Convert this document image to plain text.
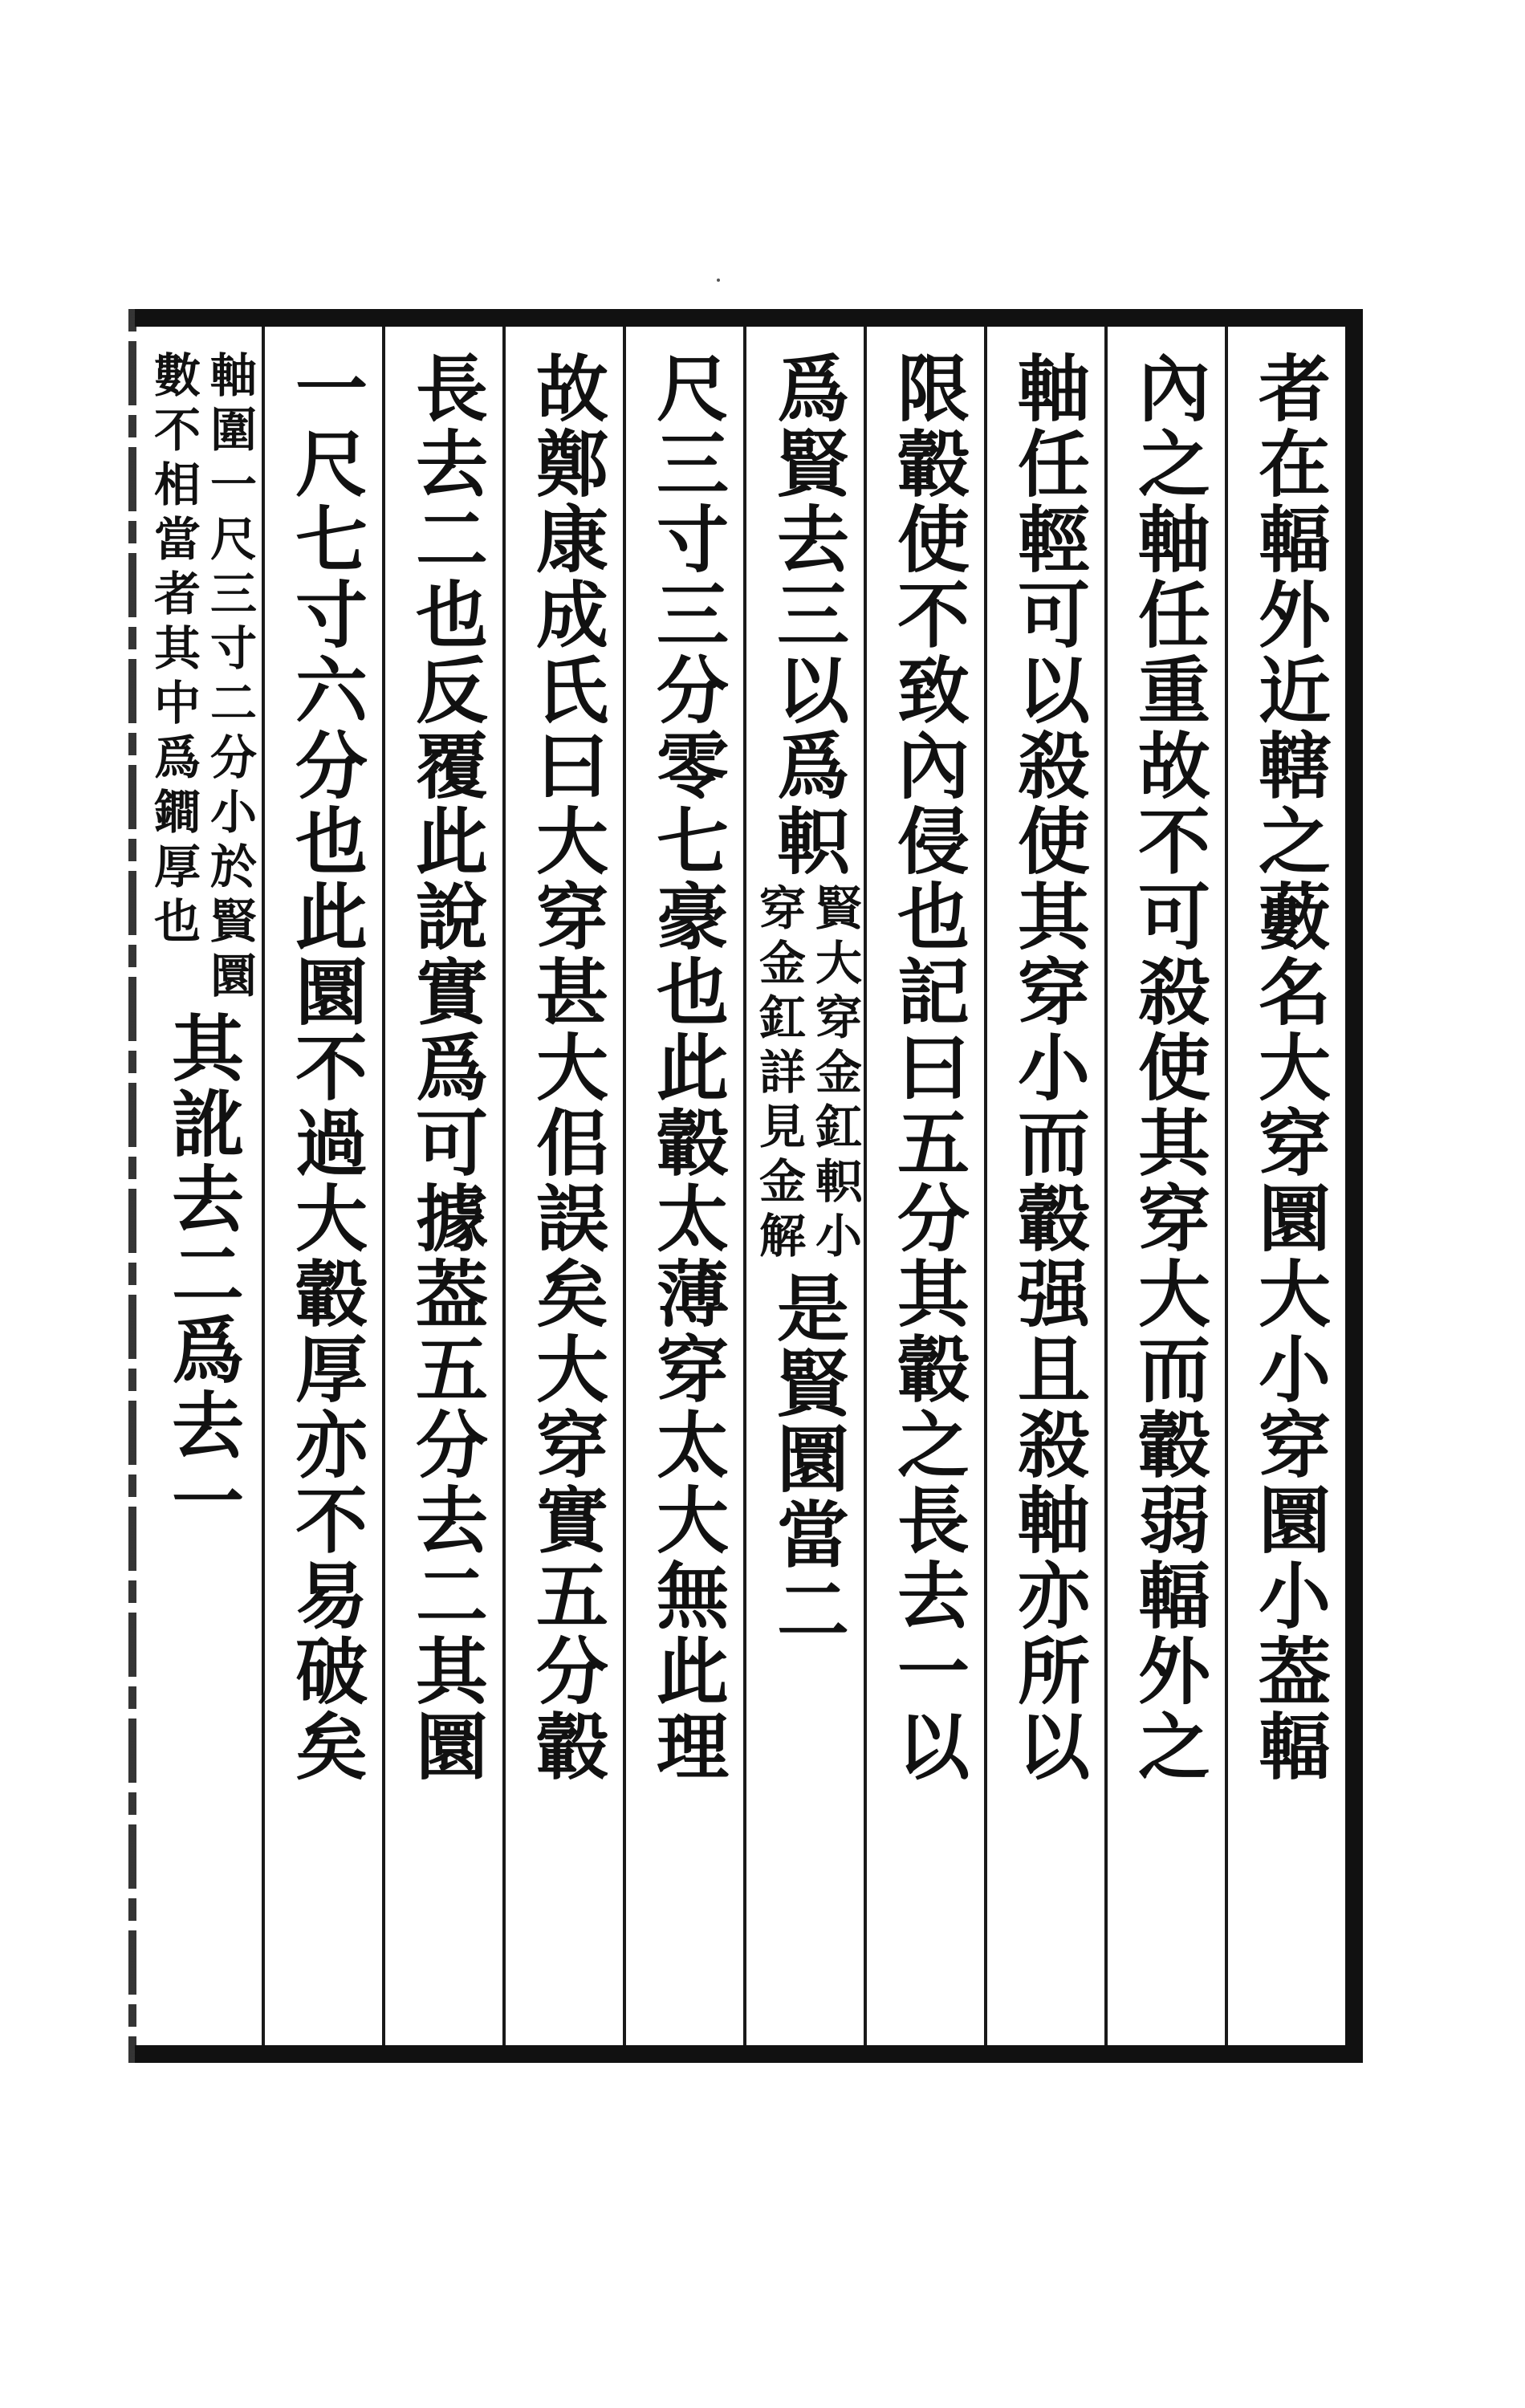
者在輻外近轄之藪名大穿圜大小穿圜小葢輻
內之軸任重故不可殺使其穿大而轂弱輻外之
軸任輕可以殺使其穿小而轂强且殺軸亦所以
限轂使不致內侵也記曰五分其轂之長去一以
爲賢去三以爲軹
賢大穿金釭軹小
穿金釭詳見金解
是賢圜當二
尺三寸三分零七豪也此轂太薄穿太大無此理
故鄭康成氏曰大穿甚大佀誤矣大穿實五分轂
長去二也反覆此說實爲可據葢五分去二其圜
一尺七寸六分也此圜不過大轂厚亦不易破矣
軸圍一尺三寸二分小於賢圜
數不相當者其中爲鐧厚也
其訛去二爲去一
